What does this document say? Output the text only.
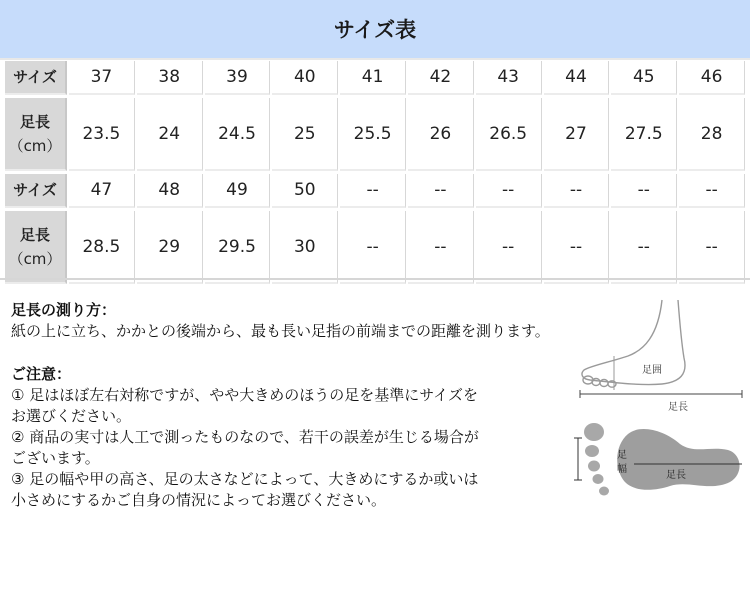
サイズ表
サイズ	37	38	39	40	41	42	43	44	45	46
足長
（cm）	23.5	24	24.5	25	25.5	26	26.5	27	27.5	28
サイズ	47	48	49	50	--	--	--	--	--	--
足長
（cm）	28.5	29	29.5	30	--	--	--	--	--	--
足長の測り方：

紙の上に立ち、かかとの後端から、最も長い足指の前端までの距離を測ります。

ご注意：

① 足はほぼ左右対称ですが、やや大きめのほうの足を基準にサイズを

お選びください。

② 商品の実寸は人工で測ったものなので、若干の誤差が生じる場合が

ございます。

③ 足の幅や甲の高さ、足の太さなどによって、大きめにするか或いは

小さめにするかご自身の情況によってお選びください。

足囲
足長
足
幅
足長
